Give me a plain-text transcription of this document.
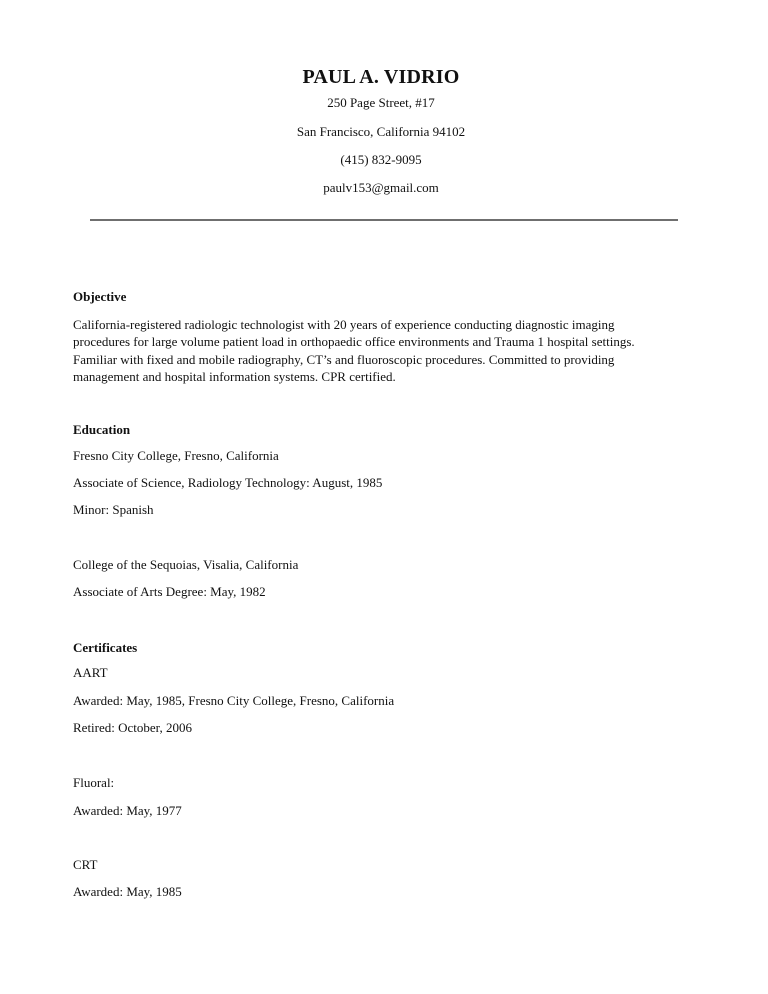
PAUL A. VIDRIO
250 Page Street, #17
San Francisco, California 94102
(415) 832-9095
paulv153@gmail.com
Objective
California-registered radiologic technologist with 20 years of experience conducting diagnostic imaging
procedures for large volume patient load in orthopaedic office environments and Trauma 1 hospital settings.
Familiar with fixed and mobile radiography, CT’s and fluoroscopic procedures. Committed to providing
management and hospital information systems. CPR certified.
Education
Fresno City College, Fresno, California
Associate of Science, Radiology Technology: August, 1985
Minor: Spanish
College of the Sequoias, Visalia, California
Associate of Arts Degree: May, 1982
Certificates
AART
Awarded: May, 1985, Fresno City College, Fresno, California
Retired: October, 2006
Fluoral:
Awarded: May, 1977
CRT
Awarded: May, 1985
